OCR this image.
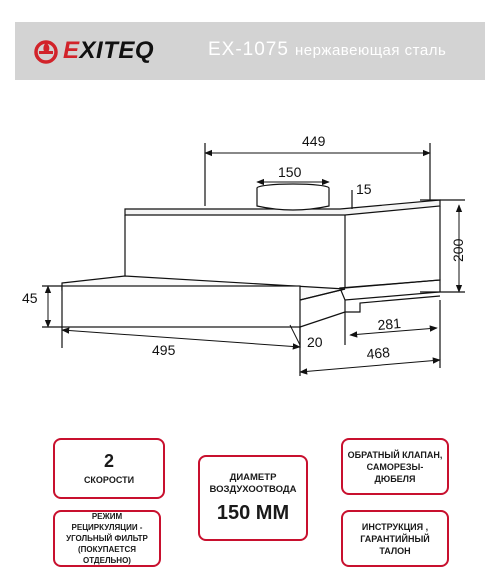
EXITEQ	EX-1075 нержавеющая сталь
449
150
15
200
45
281
495	20
468
2
СКОРОСТИ
РЕЖИМ РЕЦИРКУЛЯЦИИ - УГОЛЬНЫЙ ФИЛЬТР (ПОКУПАЕТСЯ ОТДЕЛЬНО)
ДИАМЕТР ВОЗДУХООТВОДА
150 ММ
ОБРАТНЫЙ КЛАПАН, САМОРЕЗЫ-ДЮБЕЛЯ
ИНСТРУКЦИЯ , ГАРАНТИЙНЫЙ ТАЛОН
